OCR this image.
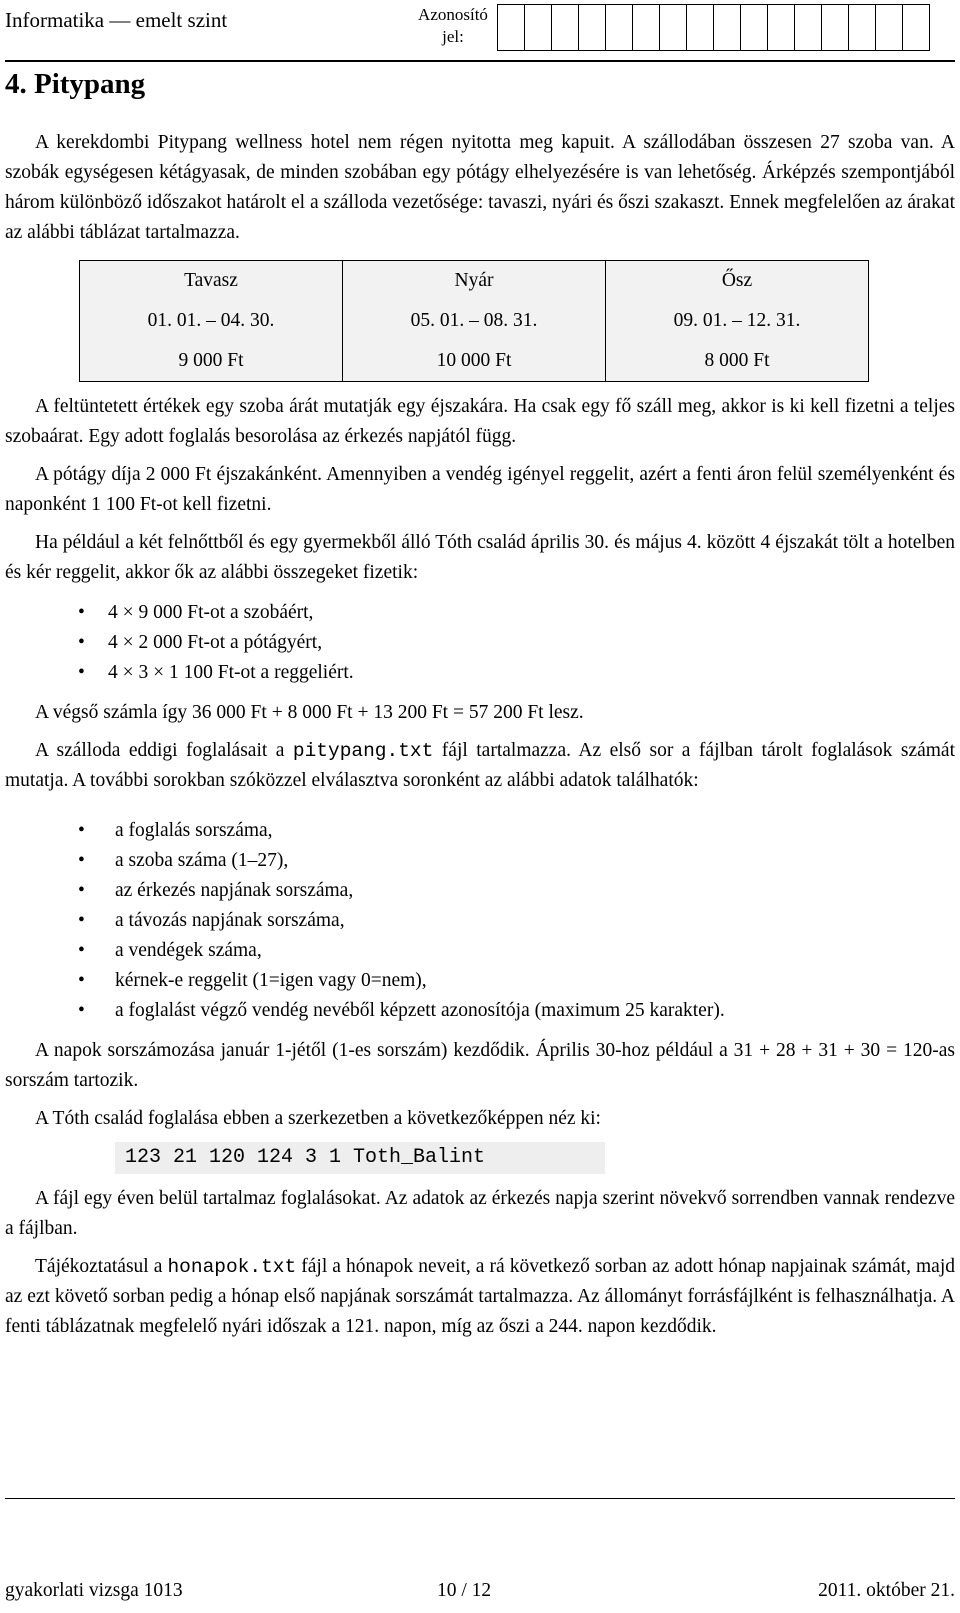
Informatika — emelt szint	Azonosító
jel:
4. Pitypang

A kerekdombi Pitypang wellness hotel nem régen nyitotta meg kapuit. A szállodában összesen 27 szoba van. A szobák egységesen kétágyasak, de minden szobában egy pótágy elhelyezésére is van lehetőség. Árképzés szempontjából három különböző időszakot határolt el a szálloda vezetősége: tavaszi, nyári és őszi szakaszt. Ennek megfelelően az árakat az alábbi táblázat tartalmazza.

Tavasz	Nyár	Ősz
01. 01. – 04. 30.	05. 01. – 08. 31.	09. 01. – 12. 31.
9 000 Ft	10 000 Ft	8 000 Ft

A feltüntetett értékek egy szoba árát mutatják egy éjszakára. Ha csak egy fő száll meg, akkor is ki kell fizetni a teljes szobaárat. Egy adott foglalás besorolása az érkezés napjától függ.

A pótágy díja 2 000 Ft éjszakánként. Amennyiben a vendég igényel reggelit, azért a fenti áron felül személyenként és naponként 1 100 Ft-ot kell fizetni.

Ha például a két felnőttből és egy gyermekből álló Tóth család április 30. és május 4. között 4 éjszakát tölt a hotelben és kér reggelit, akkor ők az alábbi összegeket fizetik:

• 4 × 9 000 Ft-ot a szobáért,
• 4 × 2 000 Ft-ot a pótágyért,
• 4 × 3 × 1 100 Ft-ot a reggeliért.

A végső számla így 36 000 Ft + 8 000 Ft + 13 200 Ft = 57 200 Ft lesz.

A szálloda eddigi foglalásait a pitypang.txt fájl tartalmazza. Az első sor a fájlban tárolt foglalások számát mutatja. A további sorokban szóközzel elválasztva soronként az alábbi adatok találhatók:

• a foglalás sorszáma,
• a szoba száma (1–27),
• az érkezés napjának sorszáma,
• a távozás napjának sorszáma,
• a vendégek száma,
• kérnek-e reggelit (1=igen vagy 0=nem),
• a foglalást végző vendég nevéből képzett azonosítója (maximum 25 karakter).

A napok sorszámozása január 1-jétől (1-es sorszám) kezdődik. Április 30-hoz például a 31 + 28 + 31 + 30 = 120-as sorszám tartozik.

A Tóth család foglalása ebben a szerkezetben a következőképpen néz ki:

123 21 120 124 3 1 Toth_Balint

A fájl egy éven belül tartalmaz foglalásokat. Az adatok az érkezés napja szerint növekvő sorrendben vannak rendezve a fájlban.

Tájékoztatásul a honapok.txt fájl a hónapok neveit, a rá következő sorban az adott hónap napjainak számát, majd az ezt követő sorban pedig a hónap első napjának sorszámát tartalmazza. Az állományt forrásfájlként is felhasználhatja. A fenti táblázatnak megfelelő nyári időszak a 121. napon, míg az őszi a 244. napon kezdődik.

gyakorlati vizsga 1013	10 / 12	2011. október 21.
